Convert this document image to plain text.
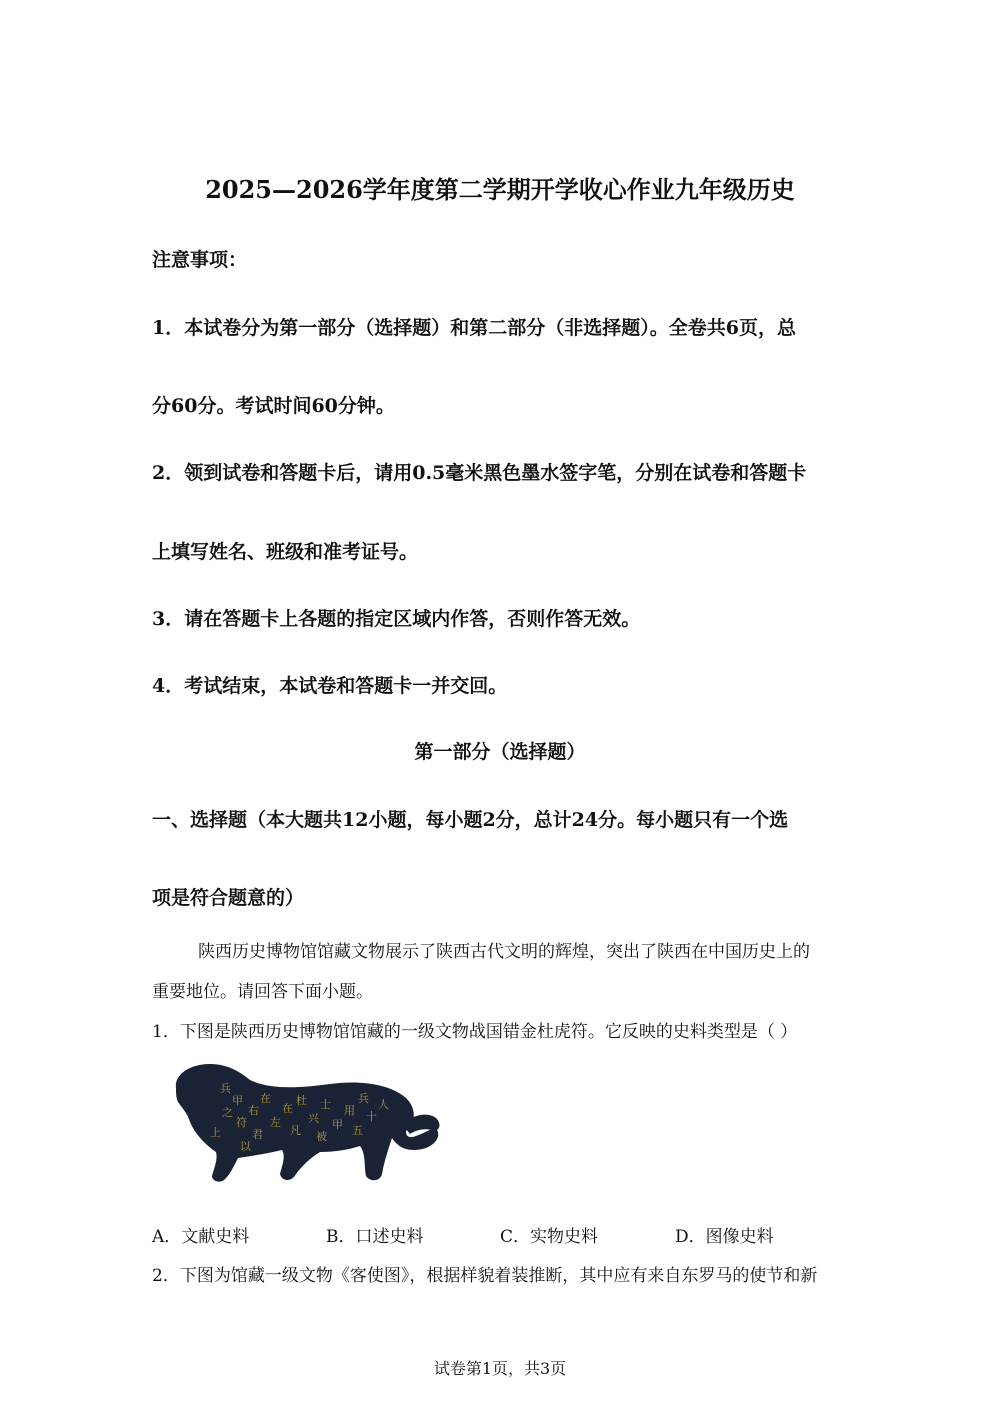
2025—2026学年度第二学期开学收心作业九年级历史
注意事项：
1．本试卷分为第一部分（选择题）和第二部分（非选择题）。全卷共6页，总
分60分。考试时间60分钟。
2．领到试卷和答题卡后，请用0.5毫米黑色墨水签字笔，分别在试卷和答题卡
上填写姓名、班级和准考证号。
3．请在答题卡上各题的指定区域内作答，否则作答无效。
4．考试结束，本试卷和答题卡一并交回。
第一部分（选择题）
一、选择题（本大题共12小题，每小题2分，总计24分。每小题只有一个选
项是符合题意的）
陕西历史博物馆馆藏文物展示了陕西古代文明的辉煌，突出了陕西在中国历史上的
重要地位。请回答下面小题。
1．下图是陕西历史博物馆馆藏的一级文物战国错金杜虎符。它反映的史料类型是（ ）
兵
甲
之
符
右
在
君
左
在
杜
凡
兴
士
被
甲
用
兵
五
十
人
以
上
A．文献史料	B．口述史料	C．实物史料	D．图像史料
2．下图为馆藏一级文物《客使图》，根据样貌着装推断，其中应有来自东罗马的使节和新
试卷第1页，共3页
